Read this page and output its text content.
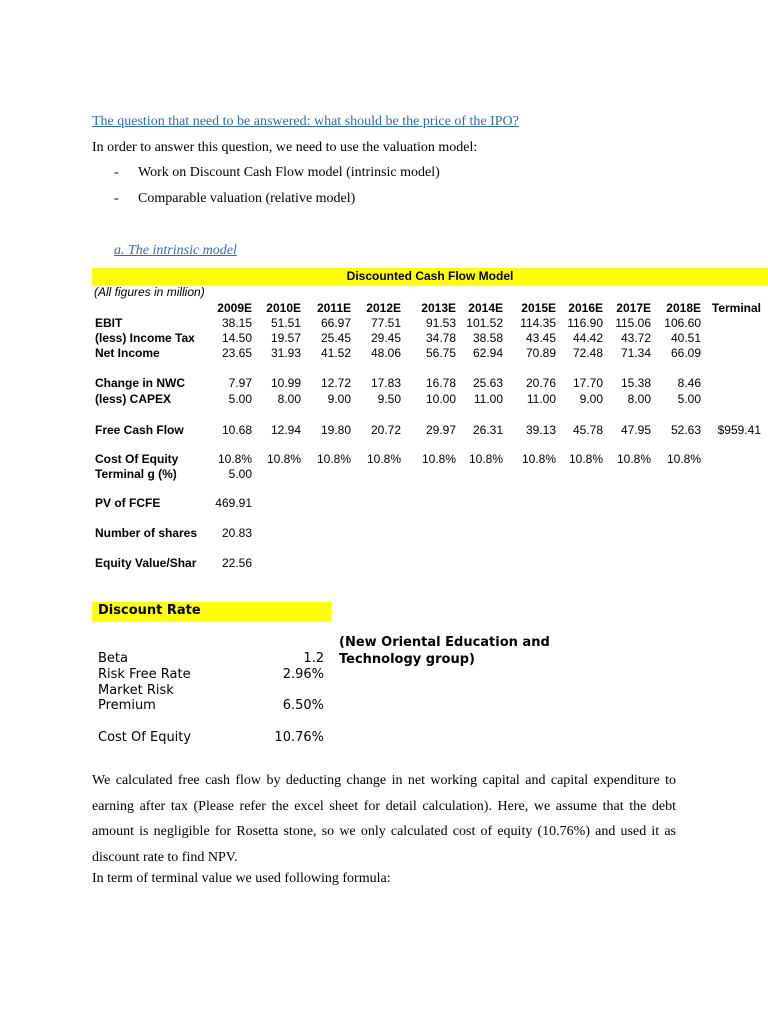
The question that need to be answered: what should be the price of the IPO?
In order to answer this question, we need to use the valuation model:
- Work on Discount Cash Flow model (intrinsic model)
- Comparable valuation (relative model)
a. The intrinsic model
Discounted Cash Flow Model
(All figures in million)
2009E 2010E 2011E 2012E 2013E 2014E 2015E 2016E 2017E 2018E Terminal
EBIT	38.15 51.51 66.97 77.51 91.53 101.52 114.35 116.90 115.06 106.60
(less) Income Tax 14.50 19.57 25.45 29.45 34.78 38.58 43.45 44.42 43.72 40.51
Net Income	23.65 31.93 41.52 48.06 56.75 62.94 70.89 72.48 71.34 66.09
Change in NWC	7.97 10.99 12.72 17.83 16.78 25.63 20.76 17.70 15.38 8.46
(less) CAPEX	5.00 8.00 9.00 9.50 10.00 11.00 11.00 9.00 8.00 5.00
Free Cash Flow	10.68 12.94 19.80 20.72 29.97 26.31 39.13 45.78 47.95 52.63 $959.41
Cost Of Equity	10.8% 10.8% 10.8% 10.8% 10.8% 10.8% 10.8% 10.8% 10.8% 10.8%
Terminal g (%)	5.00
PV of FCFE	469.91
Number of shares 20.83
Equity Value/Shar 22.56
Discount Rate
(New Oriental Education and Technology group)
Beta	1.2
Risk Free Rate	2.96%
Market Risk
Premium	6.50%
Cost Of Equity	10.76%

We calculated free cash flow by deducting change in net working capital and capital expenditure to earning after tax (Please refer the excel sheet for detail calculation). Here, we assume that the debt amount is negligible for Rosetta stone, so we only calculated cost of equity (10.76%) and used it as discount rate to find NPV.

In term of terminal value we used following formula:
